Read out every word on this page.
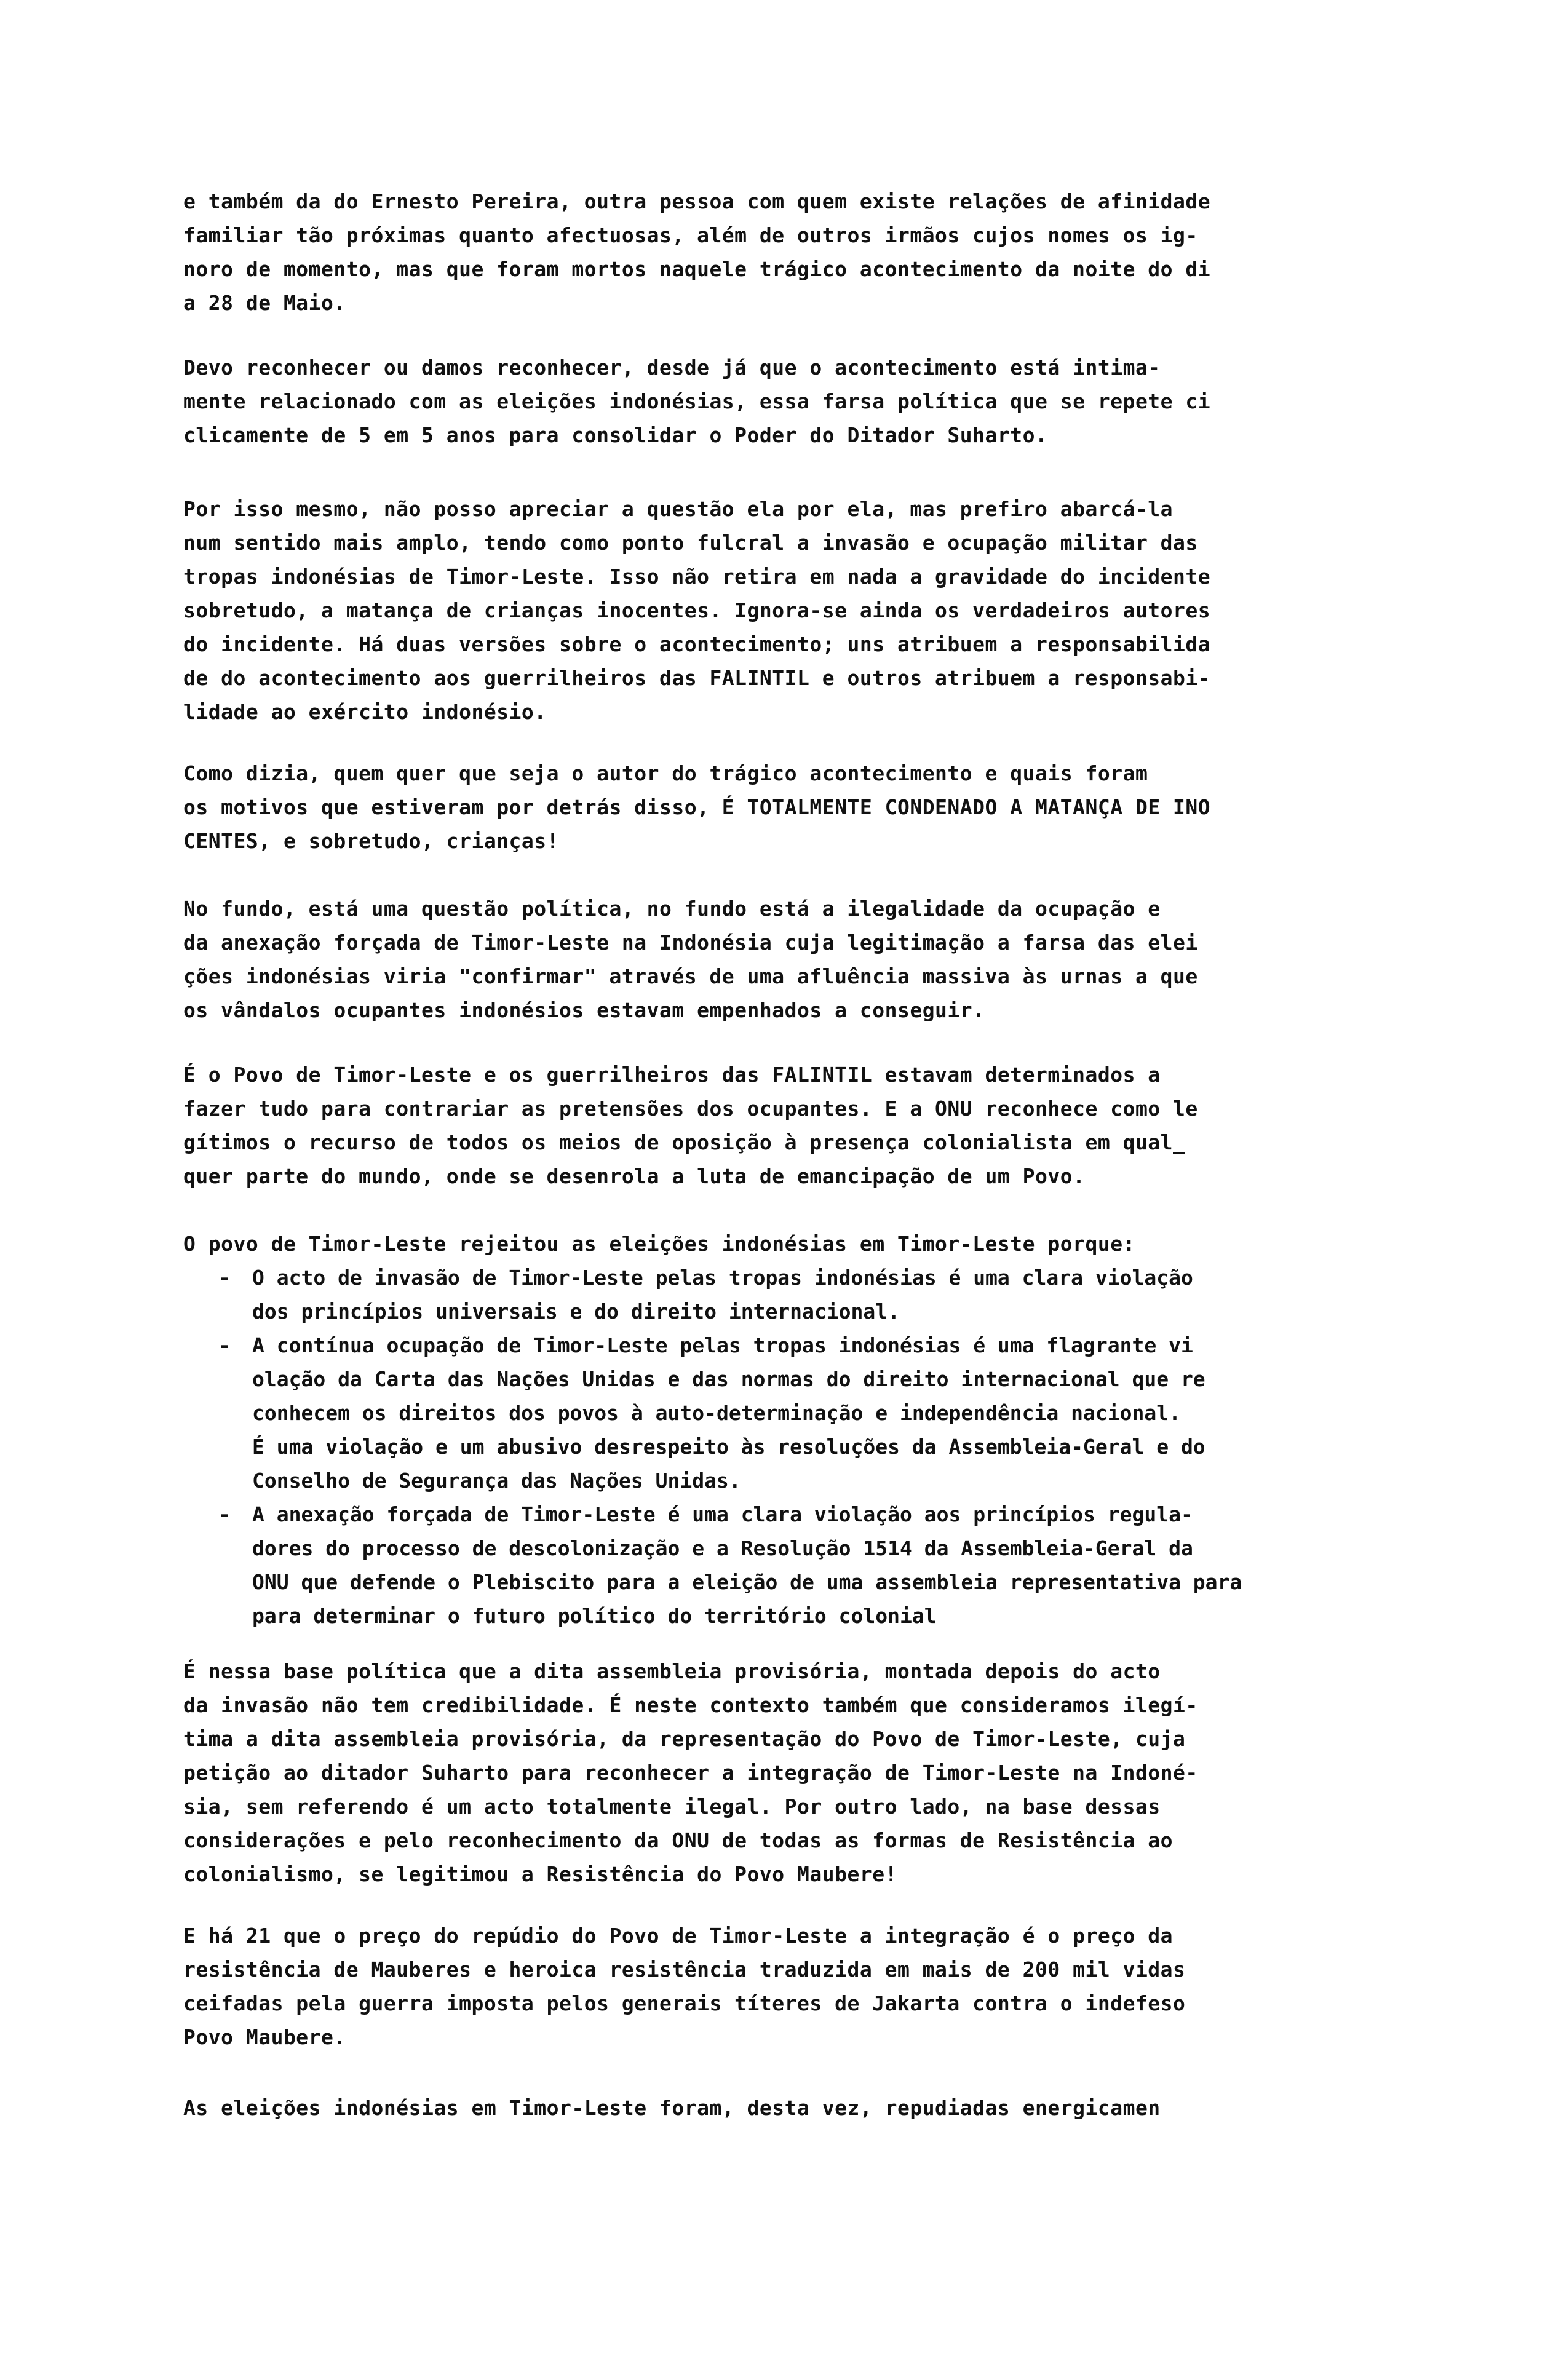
e também da do Ernesto Pereira, outra pessoa com quem existe relações de afinidade
familiar tão próximas quanto afectuosas, além de outros irmãos cujos nomes os ig-
noro de momento, mas que foram mortos naquele trágico acontecimento da noite do di
a 28 de Maio.
Devo reconhecer ou damos reconhecer, desde já que o acontecimento está intima-
mente relacionado com as eleições indonésias, essa farsa política que se repete ci
clicamente de 5 em 5 anos para consolidar o Poder do Ditador Suharto.
Por isso mesmo, não posso apreciar a questão ela por ela, mas prefiro abarcá-la
num sentido mais amplo, tendo como ponto fulcral a invasão e ocupação militar das
tropas indonésias de Timor-Leste. Isso não retira em nada a gravidade do incidente
sobretudo, a matança de crianças inocentes. Ignora-se ainda os verdadeiros autores
do incidente. Há duas versões sobre o acontecimento; uns atribuem a responsabilida
de do acontecimento aos guerrilheiros das FALINTIL e outros atribuem a responsabi-
lidade ao exército indonésio.
Como dizia, quem quer que seja o autor do trágico acontecimento e quais foram
os motivos que estiveram por detrás disso, É TOTALMENTE CONDENADO A MATANÇA DE INO
CENTES, e sobretudo, crianças!
No fundo, está uma questão política, no fundo está a ilegalidade da ocupação e
da anexação forçada de Timor-Leste na Indonésia cuja legitimação a farsa das elei
ções indonésias viria "confirmar" através de uma afluência massiva às urnas a que
os vândalos ocupantes indonésios estavam empenhados a conseguir.
É o Povo de Timor-Leste e os guerrilheiros das FALINTIL estavam determinados a
fazer tudo para contrariar as pretensões dos ocupantes. E a ONU reconhece como le
gítimos o recurso de todos os meios de oposição à presença colonialista em qual_
quer parte do mundo, onde se desenrola a luta de emancipação de um Povo.
O povo de Timor-Leste rejeitou as eleições indonésias em Timor-Leste porque:
-	O acto de invasão de Timor-Leste pelas tropas indonésias é uma clara violação
dos princípios universais e do direito internacional.
-	A contínua ocupação de Timor-Leste pelas tropas indonésias é uma flagrante vi
olação da Carta das Nações Unidas e das normas do direito internacional que re
conhecem os direitos dos povos à auto-determinação e independência nacional.
É uma violação e um abusivo desrespeito às resoluções da Assembleia-Geral e do
Conselho de Segurança das Nações Unidas.
-	A anexação forçada de Timor-Leste é uma clara violação aos princípios regula-
dores do processo de descolonização e a Resolução 1514 da Assembleia-Geral da
ONU que defende o Plebiscito para a eleição de uma assembleia representativa para
para determinar o futuro político do território colonial
É nessa base política que a dita assembleia provisória, montada depois do acto
da invasão não tem credibilidade. É neste contexto também que consideramos ilegí-
tima a dita assembleia provisória, da representação do Povo de Timor-Leste, cuja
petição ao ditador Suharto para reconhecer a integração de Timor-Leste na Indoné-
sia, sem referendo é um acto totalmente ilegal. Por outro lado, na base dessas
considerações e pelo reconhecimento da ONU de todas as formas de Resistência ao
colonialismo, se legitimou a Resistência do Povo Maubere!
E há 21 que o preço do repúdio do Povo de Timor-Leste a integração é o preço da
resistência de Mauberes e heroica resistência traduzida em mais de 200 mil vidas
ceifadas pela guerra imposta pelos generais títeres de Jakarta contra o indefeso
Povo Maubere.
As eleições indonésias em Timor-Leste foram, desta vez, repudiadas energicamen
